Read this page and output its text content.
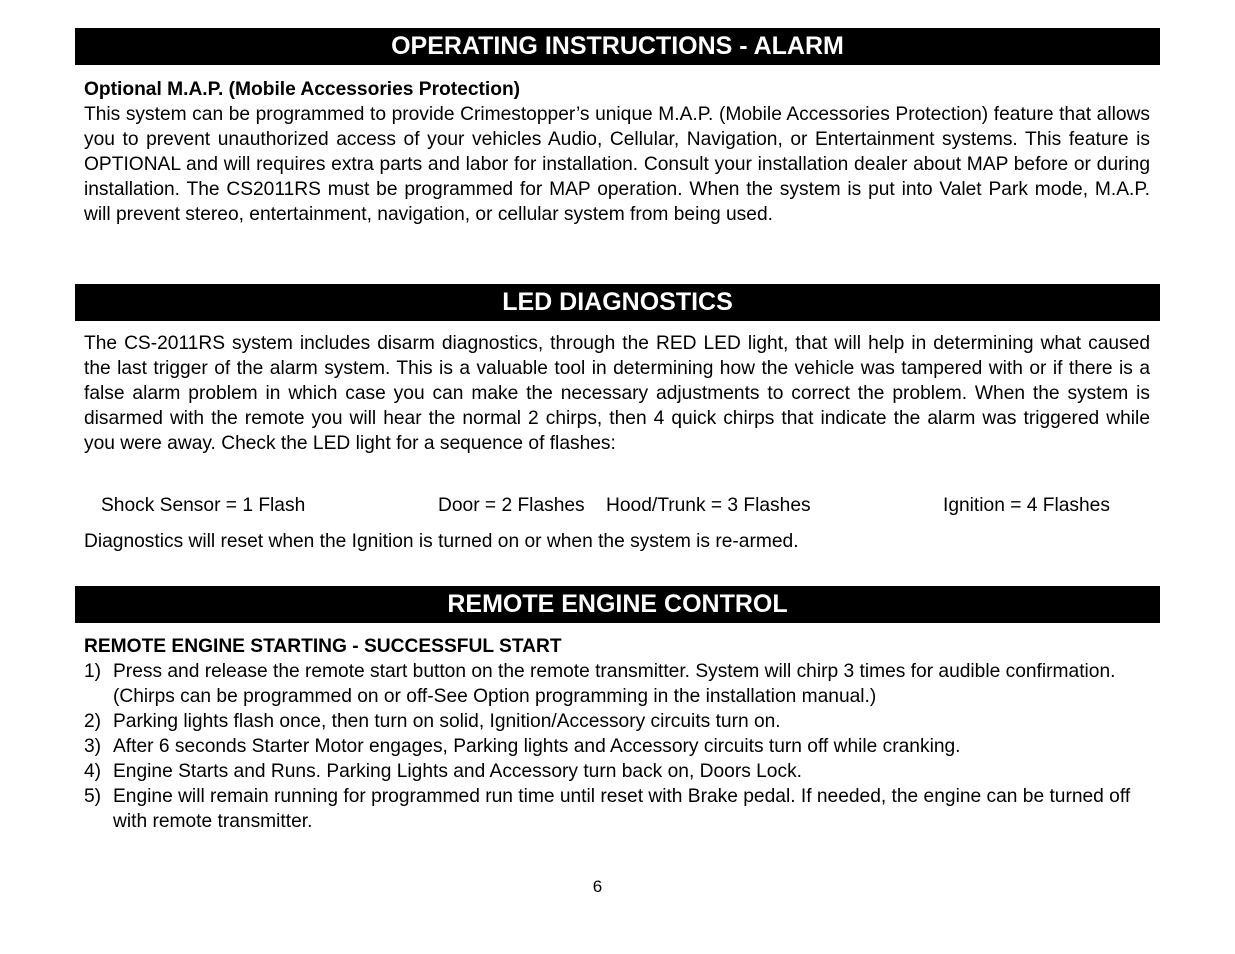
OPERATING INSTRUCTIONS - ALARM
Optional M.A.P. (Mobile Accessories Protection)
This system can be programmed to provide Crimestopper’s unique M.A.P. (Mobile Accessories Protection) feature that allows you to prevent unauthorized access of your vehicles Audio, Cellular, Navigation, or Entertainment systems. This feature is OPTIONAL and will requires extra parts and labor for installation. Consult your installation dealer about MAP before or during installation. The CS2011RS must be programmed for MAP operation. When the system is put into Valet Park mode, M.A.P. will prevent stereo, entertainment, navigation, or cellular system from being used.
LED DIAGNOSTICS
The CS-2011RS system includes disarm diagnostics, through the RED LED light, that will help in determining what caused the last trigger of the alarm system. This is a valuable tool in determining how the vehicle was tampered with or if there is a false alarm problem in which case you can make the necessary adjustments to correct the problem. When the system is disarmed with the remote you will hear the normal 2 chirps, then 4 quick chirps that indicate the alarm was triggered while you were away. Check the LED light for a sequence of flashes:
Shock Sensor = 1 Flash	Door = 2 Flashes Hood/Trunk = 3 Flashes	Ignition = 4 Flashes
Diagnostics will reset when the Ignition is turned on or when the system is re-armed.
REMOTE ENGINE CONTROL
REMOTE ENGINE STARTING - SUCCESSFUL START
1) Press and release the remote start button on the remote transmitter. System will chirp 3 times for audible confirmation. (Chirps can be programmed on or off-See Option programming in the installation manual.)
2) Parking lights flash once, then turn on solid, Ignition/Accessory circuits turn on.
3) After 6 seconds Starter Motor engages, Parking lights and Accessory circuits turn off while cranking.
4) Engine Starts and Runs. Parking Lights and Accessory turn back on, Doors Lock.
5) Engine will remain running for programmed run time until reset with Brake pedal. If needed, the engine can be turned off with remote transmitter.
6
